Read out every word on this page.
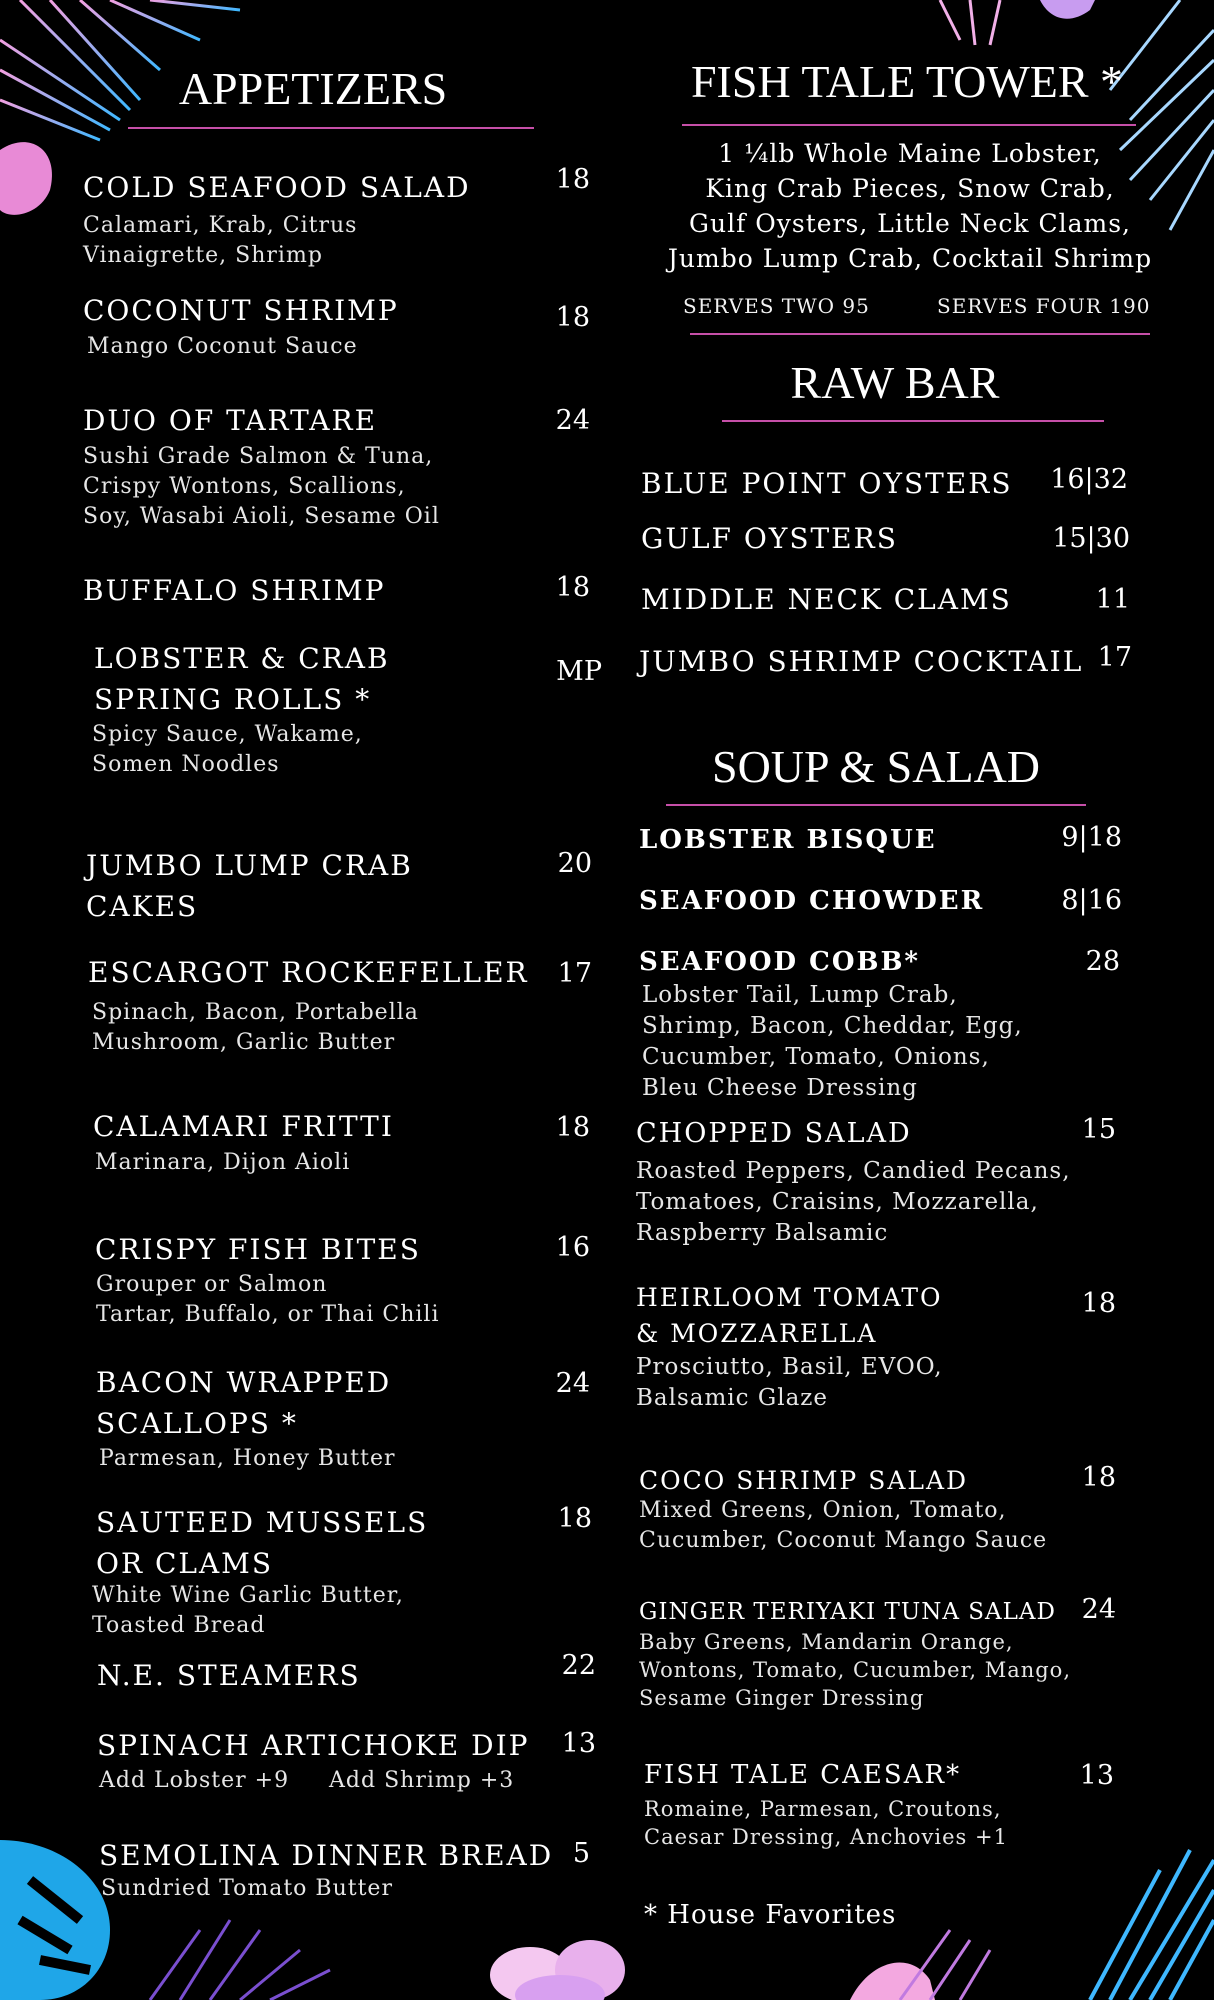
APPETIZERS
COLD SEAFOOD SALAD	18
Calamari, Krab, Citrus
Vinaigrette, Shrimp
COCONUT SHRIMP	18
Mango Coconut Sauce
DUO OF TARTARE	24
Sushi Grade Salmon & Tuna,
Crispy Wontons, Scallions,
Soy, Wasabi Aioli, Sesame Oil
BUFFALO SHRIMP	18
LOBSTER & CRAB
SPRING ROLLS *
MP
Spicy Sauce, Wakame,
Somen Noodles
JUMBO LUMP CRAB
CAKES
20
ESCARGOT ROCKEFELLER	17
Spinach, Bacon, Portabella
Mushroom, Garlic Butter
CALAMARI FRITTI	18
Marinara, Dijon Aioli
CRISPY FISH BITES	16
Grouper or Salmon
Tartar, Buffalo, or Thai Chili
BACON WRAPPED
SCALLOPS *
24
Parmesan, Honey Butter
SAUTEED MUSSELS
OR CLAMS
18
White Wine Garlic Butter,
Toasted Bread
N.E. STEAMERS	22
SPINACH ARTICHOKE DIP	13
Add Lobster +9     Add Shrimp +3
SEMOLINA DINNER BREAD 5
Sundried Tomato Butter
FISH TALE TOWER *
1 ¼lb Whole Maine Lobster,
King Crab Pieces, Snow Crab,
Gulf Oysters, Little Neck Clams,
Jumbo Lump Crab, Cocktail Shrimp
SERVES TWO 95	SERVES FOUR 190
RAW BAR
BLUE POINT OYSTERS	16|32
GULF OYSTERS	15|30
MIDDLE NECK CLAMS	11
JUMBO SHRIMP COCKTAIL 17
SOUP & SALAD
LOBSTER BISQUE	9|18
SEAFOOD CHOWDER	8|16
SEAFOOD COBB*	28
Lobster Tail, Lump Crab,
Shrimp, Bacon, Cheddar, Egg,
Cucumber, Tomato, Onions,
Bleu Cheese Dressing
CHOPPED SALAD	15
Roasted Peppers, Candied Pecans,
Tomatoes, Craisins, Mozzarella,
Raspberry Balsamic
HEIRLOOM TOMATO
& MOZZARELLA
18
Prosciutto, Basil, EVOO,
Balsamic Glaze
COCO SHRIMP SALAD	18
Mixed Greens, Onion, Tomato,
Cucumber, Coconut Mango Sauce
GINGER TERIYAKI TUNA SALAD 24
Baby Greens, Mandarin Orange,
Wontons, Tomato, Cucumber, Mango,
Sesame Ginger Dressing
FISH TALE CAESAR*	13
Romaine, Parmesan, Croutons,
Caesar Dressing, Anchovies +1
* House Favorites
